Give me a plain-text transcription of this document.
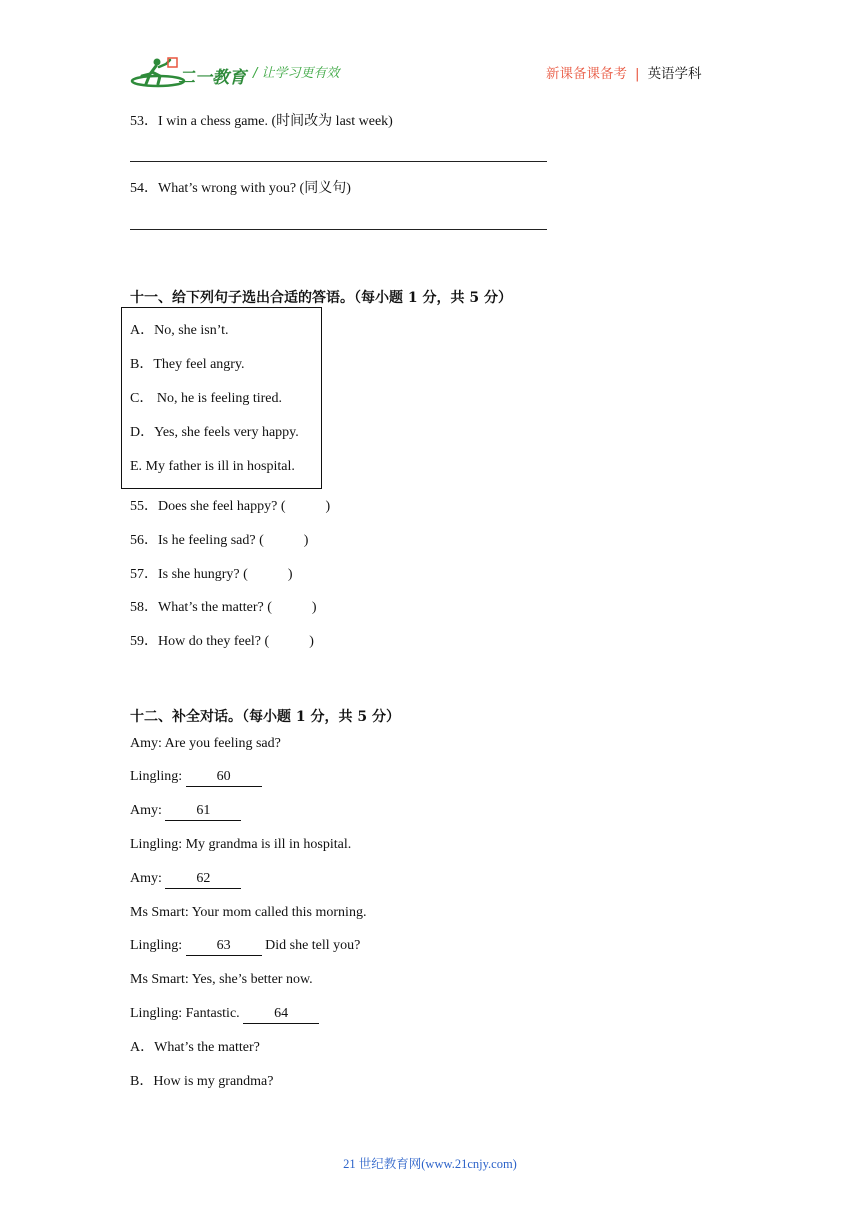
二一教育 / 让学习更有效	新课备课备考 | 英语学科
53．I win a chess game. (时间改为 last week)
54．What’s wrong with you? (同义句)
十一、给下列句子选出合适的答语。（每小题 1 分，共 5 分）
A．No, she isn’t.
B．They feel angry.
C． No, he is feeling tired.
D．Yes, she feels very happy.
E. My father is ill in hospital.
55．Does she feel happy? (	)
56．Is he feeling sad? (	)
57．Is she hungry? (	)
58．What’s the matter? (	)
59．How do they feel? (	)
十二、补全对话。（每小题 1 分，共 5 分）
Amy: Are you feeling sad?
Lingling: 60
Amy: 61
Lingling: My grandma is ill in hospital.
Amy: 62
Ms Smart: Your mom called this morning.
Lingling: 63 Did she tell you?
Ms Smart: Yes, she’s better now.
Lingling: Fantastic. 64
A．What’s the matter?
B．How is my grandma?
21 世纪教育网(www.21cnjy.com)
